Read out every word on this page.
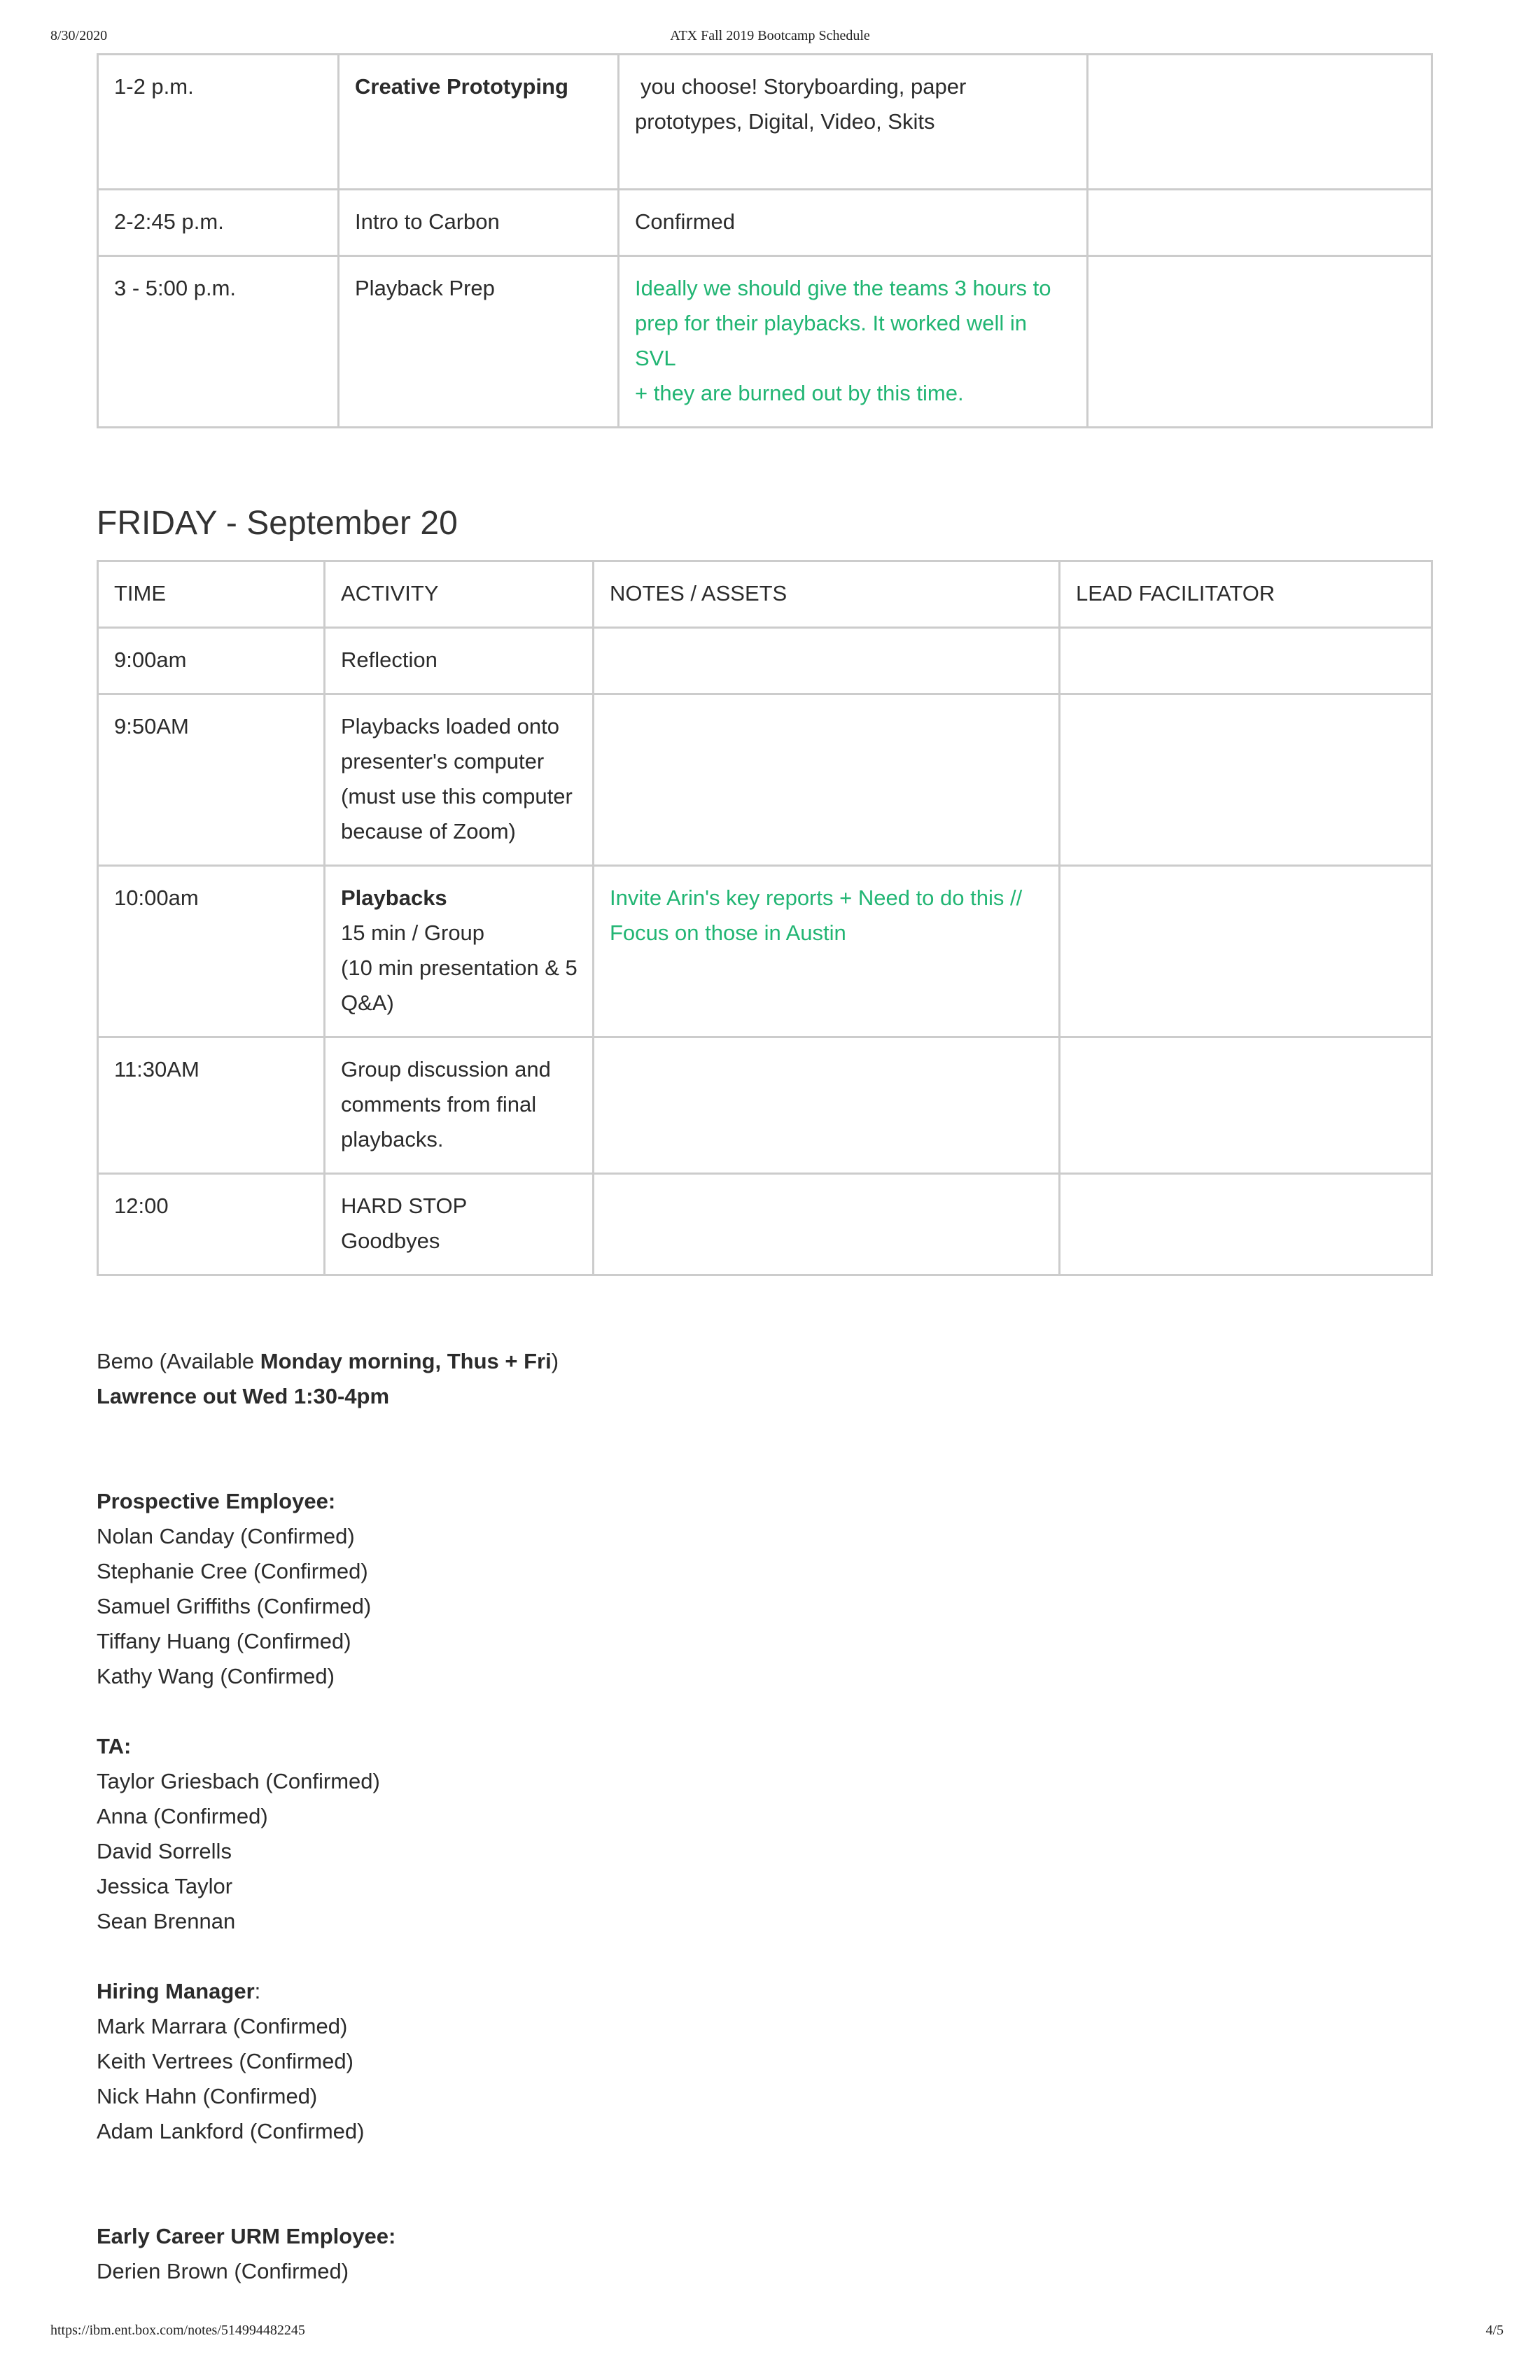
8/30/2020	ATX Fall 2019 Bootcamp Schedule
1-2 p.m.	Creative Prototyping	you choose! Storyboarding, paper
prototypes, Digital, Video, Skits	

2-2:45 p.m.	Intro to Carbon	Confirmed	
3 - 5:00 p.m.	Playback Prep	Ideally we should give the teams 3 hours to
prep for their playbacks. It worked well in SVL
+ they are burned out by this time.	

FRIDAY - September 20
TIME	ACTIVITY	NOTES / ASSETS	LEAD FACILITATOR
9:00am	Reflection		
9:50AM	Playbacks loaded onto
presenter's computer
(must use this computer
because of Zoom)		

10:00am	Playbacks
15 min / Group
(10 min presentation & 5
Q&A)	Invite Arin's key reports + Need to do this //
Focus on those in Austin	

11:30AM	Group discussion and
comments from final
playbacks.		

12:00	HARD STOP
Goodbyes		

Bemo (Available Monday morning, Thus + Fri)
Lawrence out Wed 1:30-4pm
Prospective Employee:
Nolan Canday (Confirmed)
Stephanie Cree (Confirmed)
Samuel Griffiths (Confirmed)
Tiffany Huang (Confirmed)
Kathy Wang (Confirmed)
TA:
Taylor Griesbach (Confirmed)
Anna (Confirmed)
David Sorrells
Jessica Taylor
Sean Brennan
Hiring Manager:
Mark Marrara (Confirmed)
Keith Vertrees (Confirmed)
Nick Hahn (Confirmed)
Adam Lankford (Confirmed)
Early Career URM Employee:
Derien Brown (Confirmed)
https://ibm.ent.box.com/notes/514994482245	4/5
